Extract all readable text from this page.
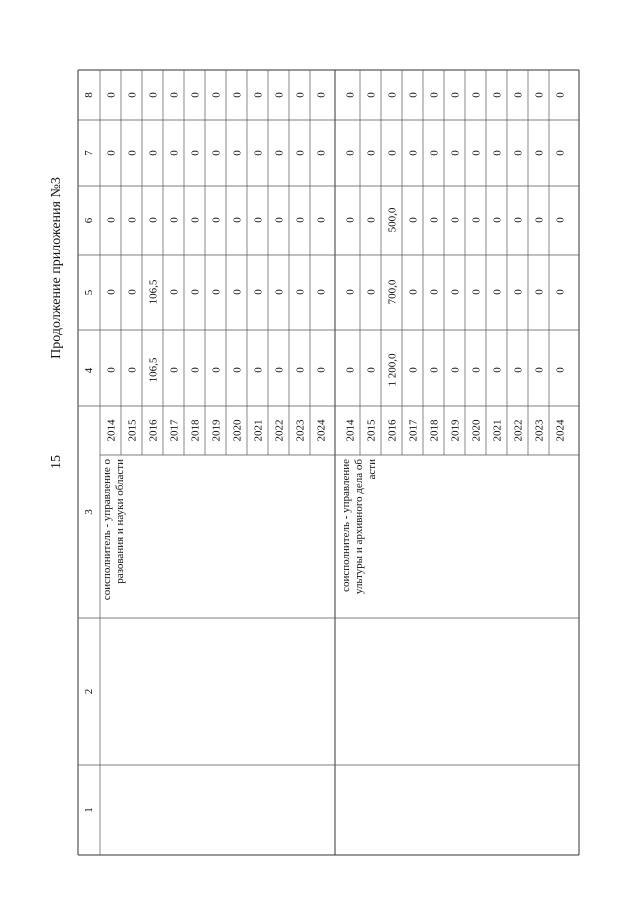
1
2
3
4
5
6
7
8
соисполнитель - управление о разования и науки области
2014
0
0
0
0
0
2015
0
0
0
0
0
2016
106,5
106,5
0
0
0
2017
0
0
0
0
0
2018
0
0
0
0
0
2019
0
0
0
0
0
2020
0
0
0
0
0
2021
0
0
0
0
0
2022
0
0
0
0
0
2023
0
0
0
0
0
2024
0
0
0
0
0
соисполнитель - управление ультуры и архивного дела об асти
2014
0
0
0
0
0
2015
0
0
0
0
0
2016
1 200,0
700,0
500,0
0
0
2017
0
0
0
0
0
2018
0
0
0
0
0
2019
0
0
0
0
0
2020
0
0
0
0
0
2021
0
0
0
0
0
2022
0
0
0
0
0
2023
0
0
0
0
0
2024
0
0
0
0
0
Продолжение приложения №3
15
